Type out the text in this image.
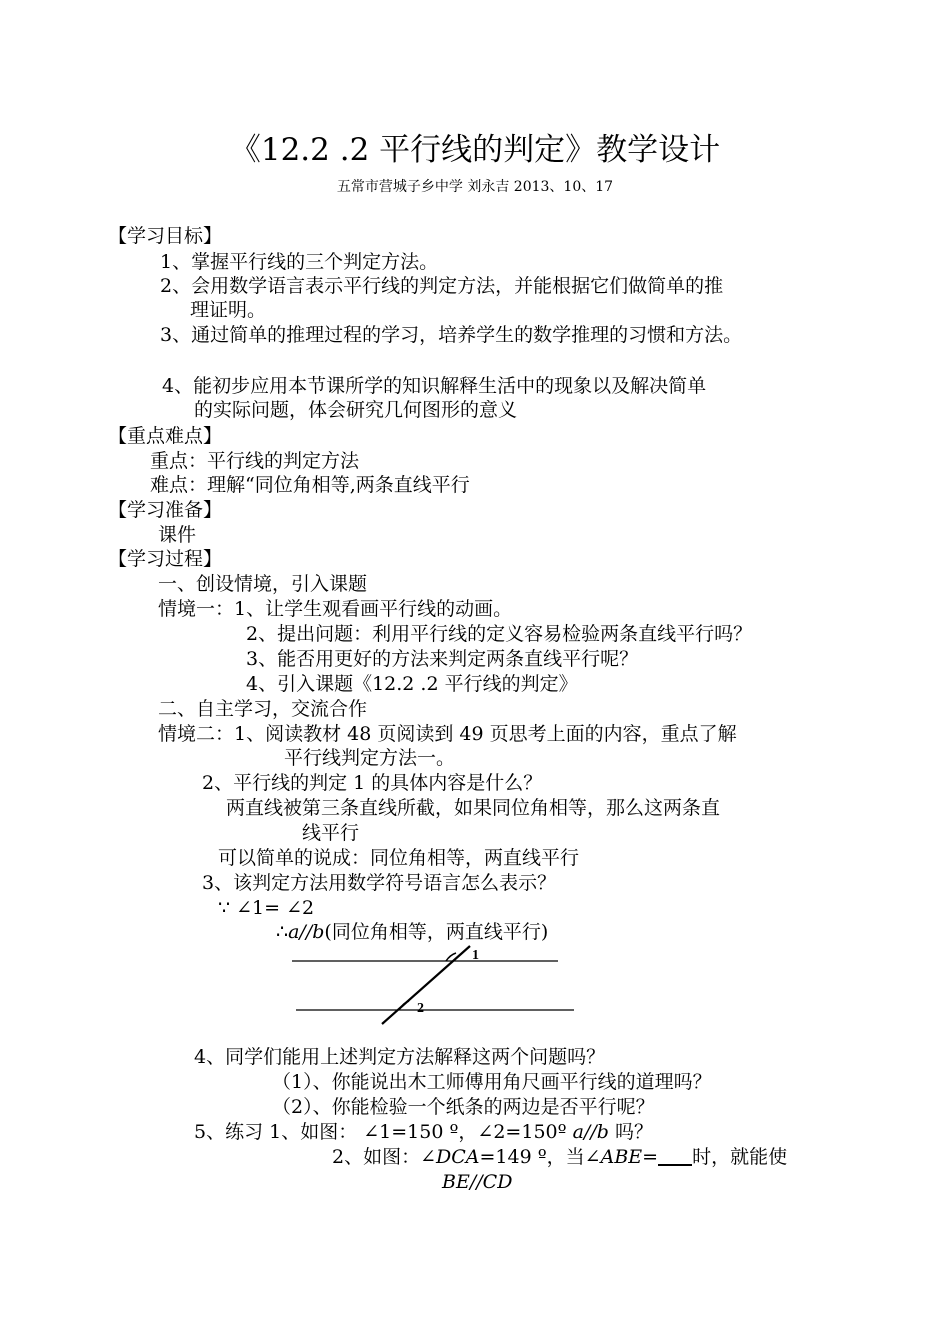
《12.2 .2 平行线的判定》教学设计
五常市营城子乡中学 刘永吉 2013、10、17
【学习目标】
1、掌握平行线的三个判定方法。
2、会用数学语言表示平行线的判定方法，并能根据它们做简单的推
理证明。
3、通过简单的推理过程的学习，培养学生的数学推理的习惯和方法。
4、能初步应用本节课所学的知识解释生活中的现象以及解决简单
的实际问题，体会研究几何图形的意义
【重点难点】
重点：平行线的判定方法
难点：理解“同位角相等,两条直线平行
【学习准备】
课件
【学习过程】
一、创设情境，引入课题
情境一：1、让学生观看画平行线的动画。
2、提出问题：利用平行线的定义容易检验两条直线平行吗？
3、能否用更好的方法来判定两条直线平行呢？
4、引入课题《12.2 .2 平行线的判定》
二、自主学习，交流合作
情境二：1、阅读教材 48 页阅读到 49 页思考上面的内容，重点了解
平行线判定方法一。
2、平行线的判定 1 的具体内容是什么？
两直线被第三条直线所截，如果同位角相等，那么这两条直
线平行
可以简单的说成：同位角相等，两直线平行
3、该判定方法用数学符号语言怎么表示？
∵ ∠1= ∠2
∴a//b(同位角相等，两直线平行)
1
2
4、同学们能用上述判定方法解释这两个问题吗？
（1）、你能说出木工师傅用角尺画平行线的道理吗？
（2）、你能检验一个纸条的两边是否平行呢？
5、练习 1、如图： ∠1=150 º，∠2=150º a//b 吗？
2、如图：∠DCA=149 º，当∠ABE= 时，就能使
BE//CD
